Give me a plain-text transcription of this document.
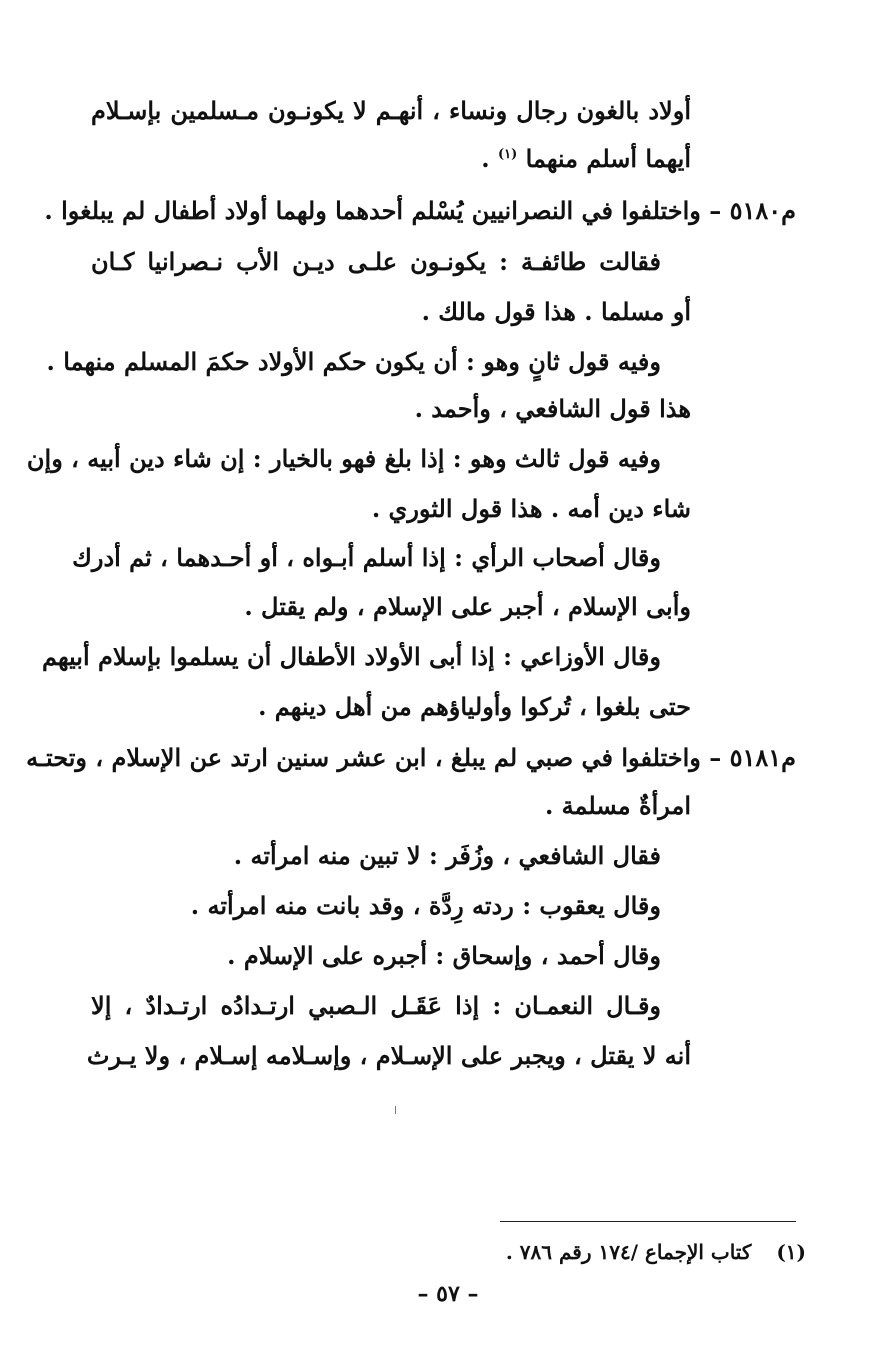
أولاد بالغون رجال ونساء ، أنهـم لا يكونـون مـسلمين بإسـلام
أيهما أسلم منهما $^{(١)}$ .
م٥١٨٠ – واختلفوا في النصرانيين يُسْلم أحدهما ولهما أولاد أطفال لم يبلغوا .
فقالت طائفـة : يكونـون علـى ديـن الأب نـصرانيا كـان
أو مسلما . هذا قول مالك .
وفيه قول ثانٍ وهو : أن يكون حكم الأولاد حكمَ المسلم منهما .
هذا قول الشافعي ، وأحمد .
وفيه قول ثالث وهو : إذا بلغ فهو بالخيار : إن شاء دين أبيه ، وإن
شاء دين أمه . هذا قول الثوري .
وقال أصحاب الرأي : إذا أسلم أبـواه ، أو أحـدهما ، ثم أدرك
وأبى الإسلام ، أجبر على الإسلام ، ولم يقتل .
وقال الأوزاعي : إذا أبى الأولاد الأطفال أن يسلموا بإسلام أبيهم
حتى بلغوا ، تُركوا وأولياؤهم من أهل دينهم .
م٥١٨١ – واختلفوا في صبي لم يبلغ ، ابن عشر سنين ارتد عن الإسلام ، وتحتـه
امرأةٌ مسلمة .
فقال الشافعي ، وزُفَر : لا تبين منه امرأته .
وقال يعقوب : ردته رِدَّة ، وقد بانت منه امرأته .
وقال أحمد ، وإسحاق : أجبره على الإسلام .
وقـال النعمـان : إذا عَقَـل الـصبي ارتـدادُه ارتـدادٌ ، إلا
أنه لا يقتل ، ويجبر على الإسـلام ، وإسـلامه إسـلام ، ولا يـرث
(١) كتاب الإجماع /١٧٤ رقم ٧٨٦ .
– ٥٧ –
